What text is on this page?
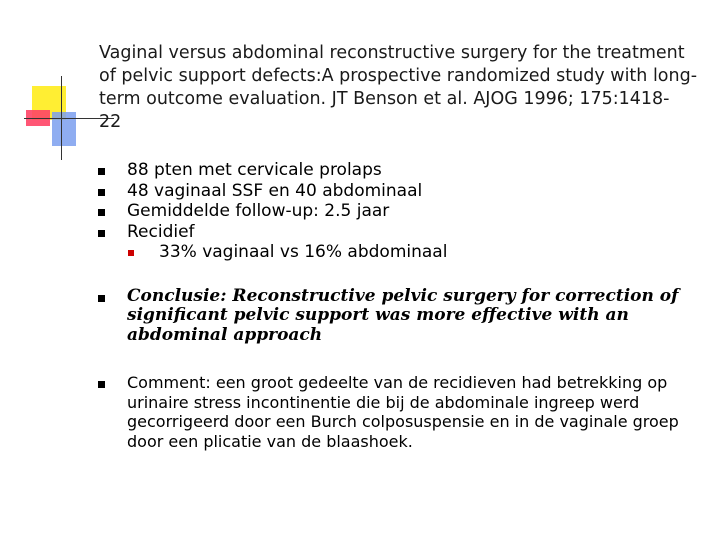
Vaginal versus abdominal reconstructive surgery for the treatment
of pelvic support defects:A prospective randomized study with long-
term outcome evaluation. JT Benson et al. AJOG 1996; 175:1418-
22
88 pten met cervicale prolaps
48 vaginaal SSF en 40 abdominaal
Gemiddelde follow-up: 2.5 jaar
Recidief
33% vaginaal vs 16% abdominaal
Conclusie: Reconstructive pelvic surgery for correction of significant pelvic support was more effective with an abdominal approach
Comment: een groot gedeelte van de recidieven had betrekking op urinaire stress incontinentie die bij de abdominale ingreep werd gecorrigeerd door een Burch colposuspensie en in de vaginale groep door een plicatie van de blaashoek.
